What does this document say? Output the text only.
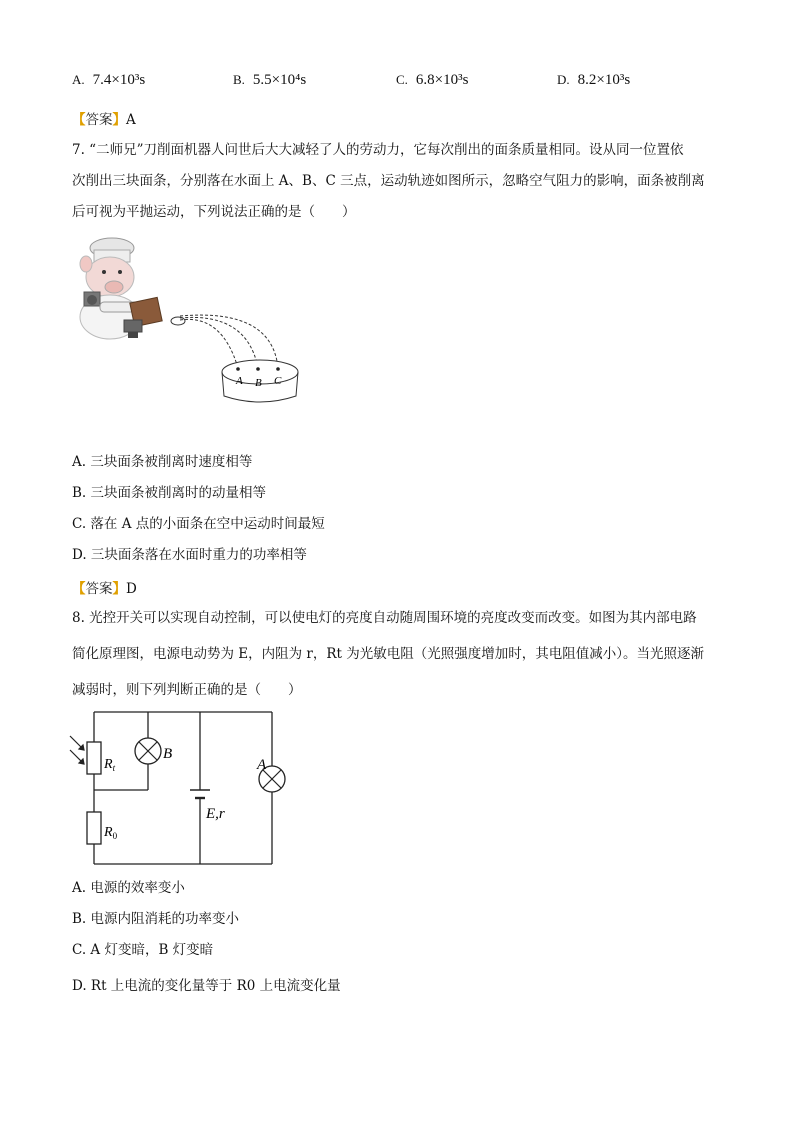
A. 7.4×10³s	B. 5.5×10⁴s	C. 6.8×10³s	D. 8.2×10³s
【答案】A
7. “二师兄”刀削面机器人问世后大大减轻了人的劳动力，它每次削出的面条质量相同。设从同一位置依
次削出三块面条，分别落在水面上 A、B、C 三点，运动轨迹如图所示，忽略空气阻力的影响，面条被削离
后可视为平抛运动，下列说法正确的是（　　）
A B C
A. 三块面条被削离时速度相等
B. 三块面条被削离时的动量相等
C. 落在 A 点的小面条在空中运动时间最短
D. 三块面条落在水面时重力的功率相等
【答案】D
8. 光控开关可以实现自动控制，可以使电灯的亮度自动随周围环境的亮度改变而改变。如图为其内部电路
简化原理图，电源电动势为 E，内阻为 r，Rt 为光敏电阻（光照强度增加时，其电阻值减小）。当光照逐渐
减弱时，则下列判断正确的是（　　）
$R_t$
B
$R_0$
E,r
A
A. 电源的效率变小
B. 电源内阻消耗的功率变小
C. A 灯变暗，B 灯变暗
D. Rt 上电流的变化量等于 R0 上电流变化量
